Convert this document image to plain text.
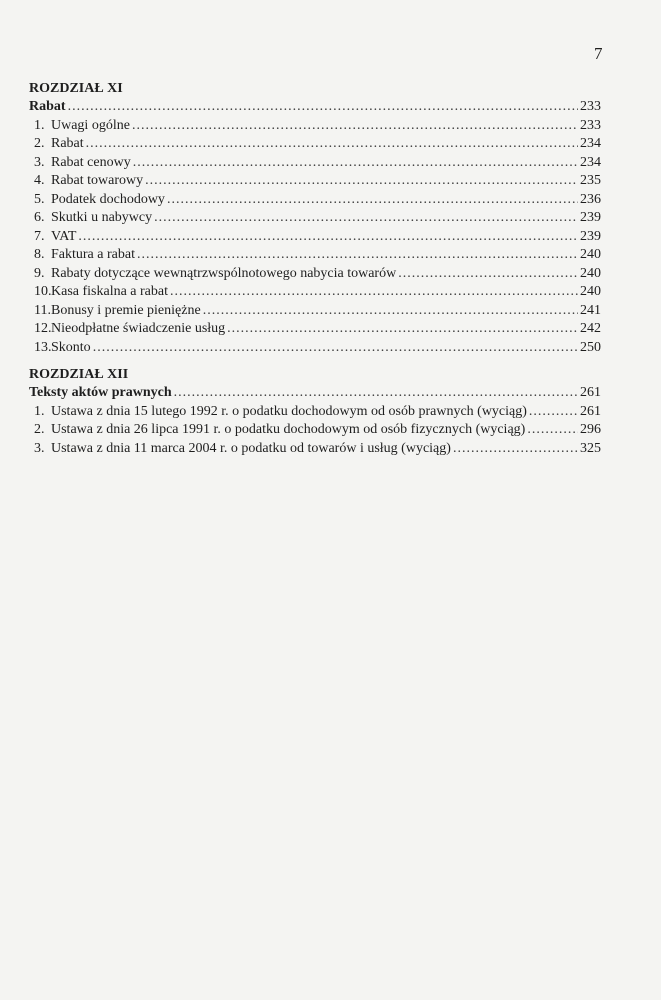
7
ROZDZIAŁ XI
Rabat .....	233
1. Uwagi ogólne .....	233
2. Rabat .....	234
3. Rabat cenowy .....	234
4. Rabat towarowy .....	235
5. Podatek dochodowy .....	236
6. Skutki u nabywcy .....	239
7. VAT .....	239
8. Faktura a rabat .....	240
9. Rabaty dotyczące wewnątrzwspólnotowego nabycia towarów .....	240
10. Kasa fiskalna a rabat .....	240
11. Bonusy i premie pieniężne .....	241
12. Nieodpłatne świadczenie usług .....	242
13. Skonto .....	250
ROZDZIAŁ XII
Teksty aktów prawnych .....	261
1. Ustawa z dnia 15 lutego 1992 r. o podatku dochodowym od osób prawnych (wyciąg) .....	261
2. Ustawa z dnia 26 lipca 1991 r. o podatku dochodowym od osób fizycznych (wyciąg) .....	296
3. Ustawa z dnia 11 marca 2004 r. o podatku od towarów i usług (wyciąg) .....	325
